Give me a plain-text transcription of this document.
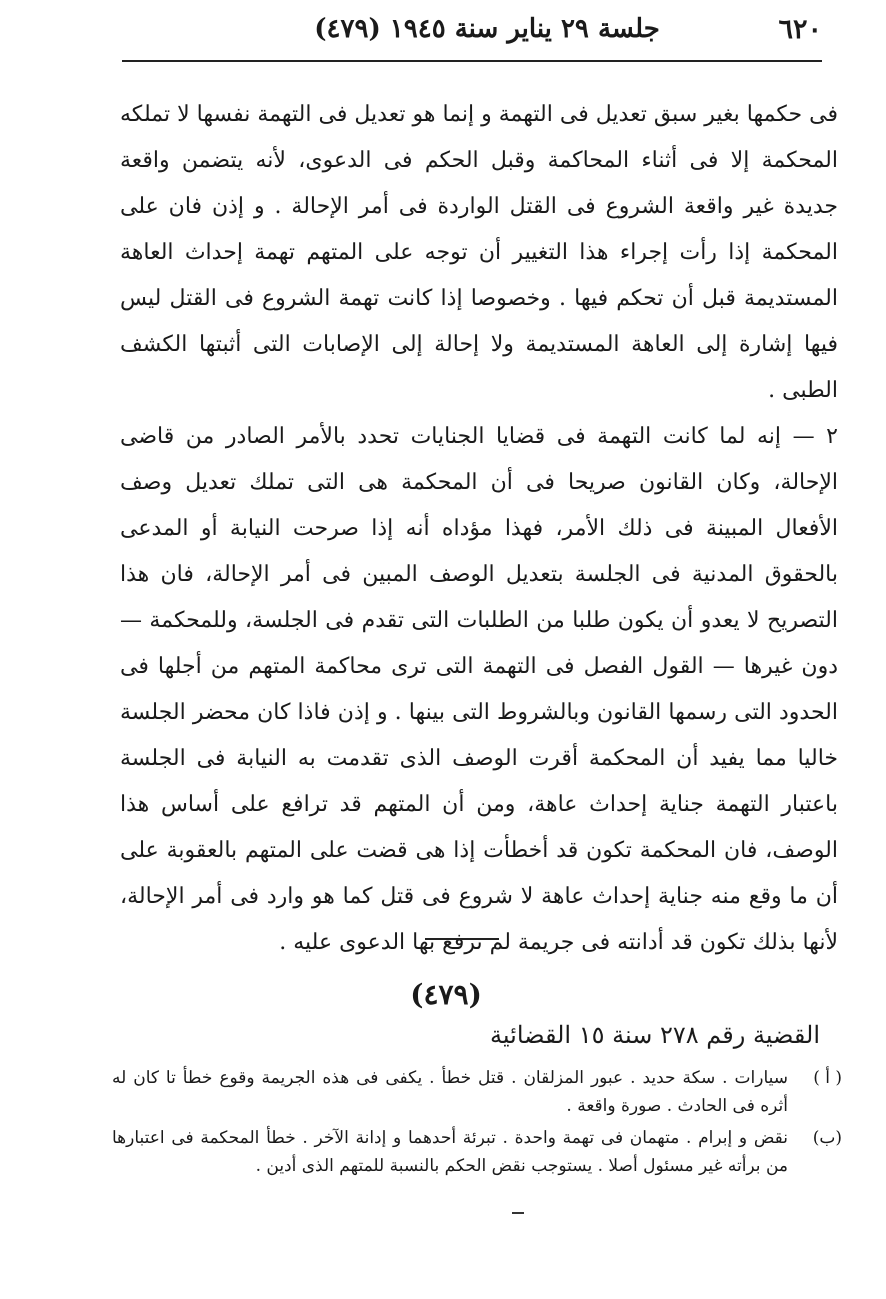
٦٢٠
جلسة ٢٩ يناير سنة ١٩٤٥ (٤٧٩)

فى حكمها بغير سبق تعديل فى التهمة و إنما هو تعديل فى التهمة نفسها لا تملكه المحكمة إلا فى أثناء المحاكمة وقبل الحكم فى الدعوى، لأنه يتضمن واقعة جديدة غير واقعة الشروع فى القتل الواردة فى أمر الإحالة . و إذن فان على المحكمة إذا رأت إجراء هذا التغيير أن توجه على المتهم تهمة إحداث العاهة المستديمة قبل أن تحكم فيها . وخصوصا إذا كانت تهمة الشروع فى القتل ليس فيها إشارة إلى العاهة المستديمة ولا إحالة إلى الإصابات التى أثبتها الكشف الطبى .

٢ — إنه لما كانت التهمة فى قضايا الجنايات تحدد بالأمر الصادر من قاضى الإحالة، وكان القانون صريحا فى أن المحكمة هى التى تملك تعديل وصف الأفعال المبينة فى ذلك الأمر، فهذا مؤداه أنه إذا صرحت النيابة أو المدعى بالحقوق المدنية فى الجلسة بتعديل الوصف المبين فى أمر الإحالة، فان هذا التصريح لا يعدو أن يكون طلبا من الطلبات التى تقدم فى الجلسة، وللمحكمة — دون غيرها — القول الفصل فى التهمة التى ترى محاكمة المتهم من أجلها فى الحدود التى رسمها القانون وبالشروط التى بينها . و إذن فاذا كان محضر الجلسة خاليا مما يفيد أن المحكمة أقرت الوصف الذى تقدمت به النيابة فى الجلسة باعتبار التهمة جناية إحداث عاهة، ومن أن المتهم قد ترافع على أساس هذا الوصف، فان المحكمة تكون قد أخطأت إذا هى قضت على المتهم بالعقوبة على أن ما وقع منه جناية إحداث عاهة لا شروع فى قتل كما هو وارد فى أمر الإحالة، لأنها بذلك تكون قد أدانته فى جريمة لم ترفع بها الدعوى عليه .

(٤٧٩)
القضية رقم ٢٧٨ سنة ١٥ القضائية

( أ )
سيارات . سكة حديد . عبور المزلقان . قتل خطأ . يكفى فى هذه الجريمة وقوع خطأ تا كان له أثره فى الحادث . صورة واقعة .

(ب)
نقض و إبرام . متهمان فى تهمة واحدة . تبرئة أحدهما و إدانة الآخر . خطأ المحكمة فى اعتبارها من برأته غير مسئول أصلا . يستوجب نقض الحكم بالنسبة للمتهم الذى أدين .
